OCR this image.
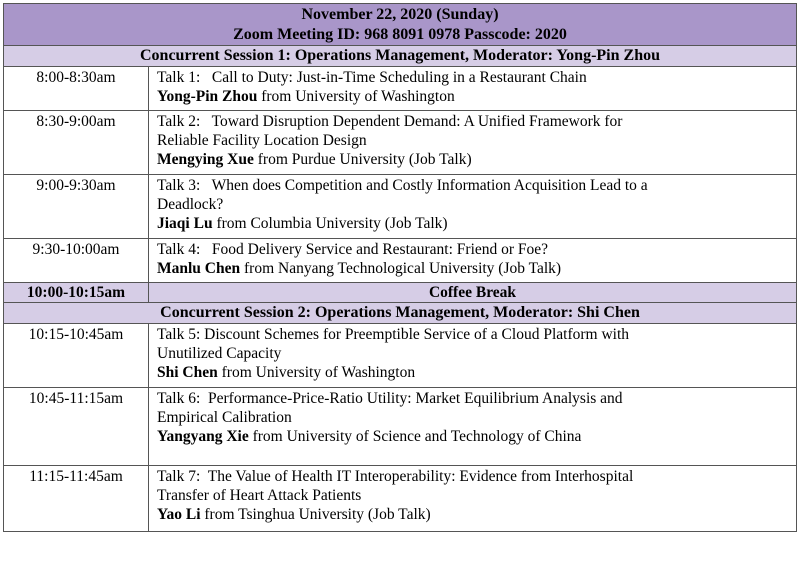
November 22, 2020 (Sunday)
Zoom Meeting ID: 968 8091 0978 Passcode: 2020	

Concurrent Session 1: Operations Management, Moderator: Yong-Pin Zhou	
8:00-8:30am	Talk 1:   Call to Duty: Just-in-Time Scheduling in a Restaurant Chain
Yong-Pin Zhou from University of Washington

8:30-9:00am	Talk 2:   Toward Disruption Dependent Demand: A Unified Framework for
Reliable Facility Location Design
Mengying Xue from Purdue University (Job Talk)

9:00-9:30am	Talk 3:   When does Competition and Costly Information Acquisition Lead to a
Deadlock?
Jiaqi Lu from Columbia University (Job Talk)

9:30-10:00am	Talk 4:   Food Delivery Service and Restaurant: Friend or Foe?
Manlu Chen from Nanyang Technological University (Job Talk)

10:00-10:15am	Coffee Break
Concurrent Session 2: Operations Management, Moderator: Shi Chen	
10:15-10:45am	Talk 5: Discount Schemes for Preemptible Service of a Cloud Platform with
Unutilized Capacity
Shi Chen from University of Washington

10:45-11:15am	Talk 6:  Performance-Price-Ratio Utility: Market Equilibrium Analysis and
Empirical Calibration
Yangyang Xie from University of Science and Technology of China

11:15-11:45am	Talk 7:  The Value of Health IT Interoperability: Evidence from Interhospital
Transfer of Heart Attack Patients
Yao Li from Tsinghua University (Job Talk)
